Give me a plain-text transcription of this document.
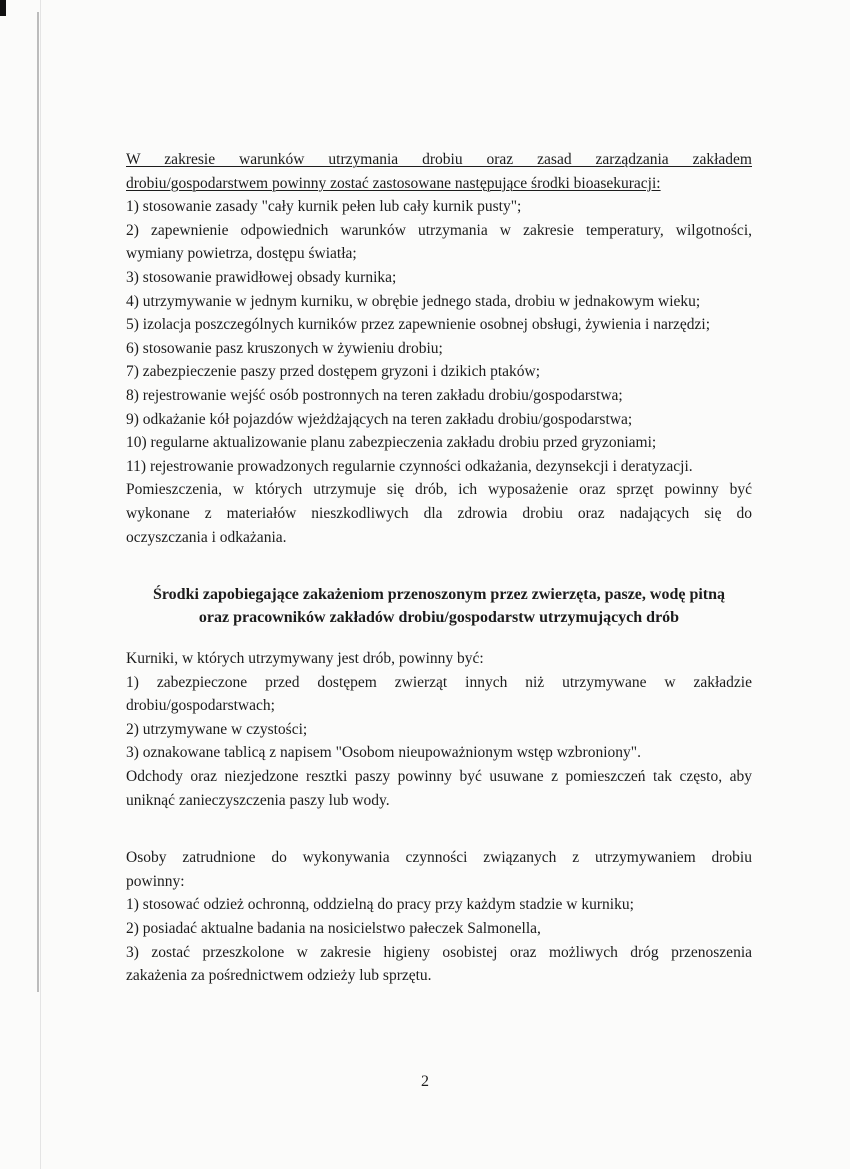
W zakresie warunków utrzymania drobiu oraz zasad zarządzania zakładem
drobiu/gospodarstwem powinny zostać zastosowane następujące środki bioasekuracji:
1) stosowanie zasady "cały kurnik pełen lub cały kurnik pusty";
2) zapewnienie odpowiednich warunków utrzymania w zakresie temperatury, wilgotności,
wymiany powietrza, dostępu światła;
3) stosowanie prawidłowej obsady kurnika;
4) utrzymywanie w jednym kurniku, w obrębie jednego stada, drobiu w jednakowym wieku;
5) izolacja poszczególnych kurników przez zapewnienie osobnej obsługi, żywienia i narzędzi;
6) stosowanie pasz kruszonych w żywieniu drobiu;
7) zabezpieczenie paszy przed dostępem gryzoni i dzikich ptaków;
8) rejestrowanie wejść osób postronnych na teren zakładu drobiu/gospodarstwa;
9) odkażanie kół pojazdów wjeżdżających na teren zakładu drobiu/gospodarstwa;
10) regularne aktualizowanie planu zabezpieczenia zakładu drobiu przed gryzoniami;
11) rejestrowanie prowadzonych regularnie czynności odkażania, dezynsekcji i deratyzacji.
Pomieszczenia, w których utrzymuje się drób, ich wyposażenie oraz sprzęt powinny być
wykonane z materiałów nieszkodliwych dla zdrowia drobiu oraz nadających się do
oczyszczania i odkażania.
Środki zapobiegające zakażeniom przenoszonym przez zwierzęta, pasze, wodę pitną
oraz pracowników zakładów drobiu/gospodarstw utrzymujących drób
Kurniki, w których utrzymywany jest drób, powinny być:
1) zabezpieczone przed dostępem zwierząt innych niż utrzymywane w zakładzie
drobiu/gospodarstwach;
2) utrzymywane w czystości;
3) oznakowane tablicą z napisem "Osobom nieupoważnionym wstęp wzbroniony".
Odchody oraz niezjedzone resztki paszy powinny być usuwane z pomieszczeń tak często, aby
uniknąć zanieczyszczenia paszy lub wody.
Osoby zatrudnione do wykonywania czynności związanych z utrzymywaniem drobiu
powinny:
1) stosować odzież ochronną, oddzielną do pracy przy każdym stadzie w kurniku;
2) posiadać aktualne badania na nosicielstwo pałeczek Salmonella,
3) zostać przeszkolone w zakresie higieny osobistej oraz możliwych dróg przenoszenia
zakażenia za pośrednictwem odzieży lub sprzętu.
2
